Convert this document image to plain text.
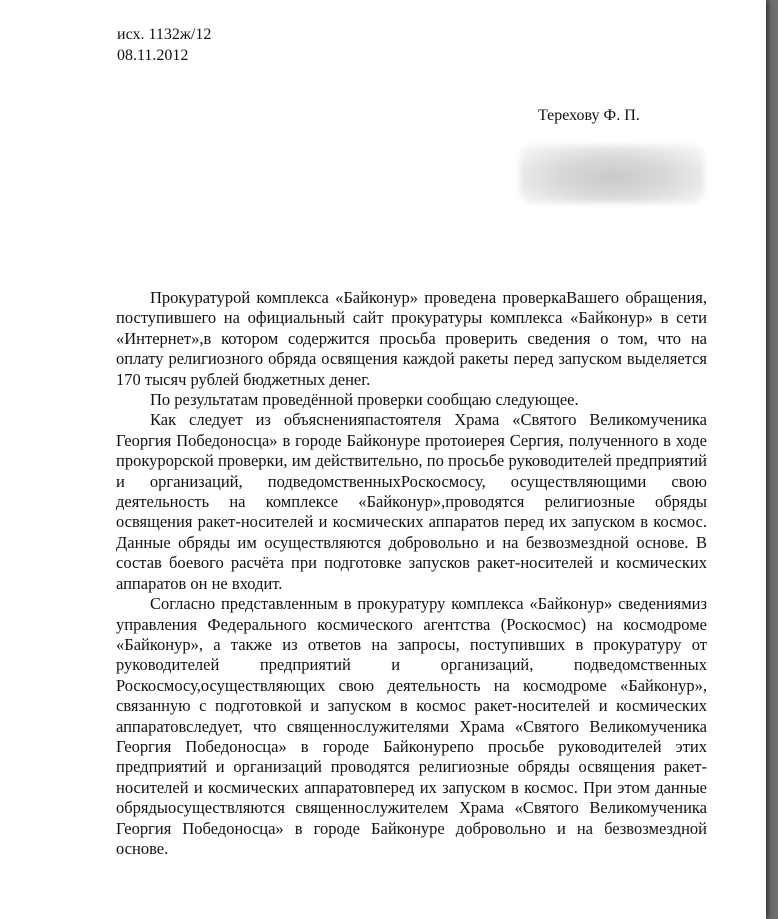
исх. 1132ж/12
08.11.2012
Терехову Ф. П.

Прокуратурой комплекса «Байконур» проведена проверкаВашего обращения, поступившего на официальный сайт прокуратуры комплекса «Байконур» в сети «Интернет»,в котором содержится просьба проверить сведения о том, что на оплату религиозного обряда освящения каждой ракеты перед запуском выделяется 170 тысяч рублей бюджетных денег.

По результатам проведённой проверки сообщаю следующее.

Как следует из объясненияпастоятеля Храма «Святого Великомученика Георгия Победоносца» в городе Байконуре протоиерея Сергия, полученного в ходе прокурорской проверки, им действительно, по просьбе руководителей предприятий и организаций, подведомственныхРоскосмосу, осуществляющими свою деятельность на комплексе «Байконур»,проводятся религиозные обряды освящения ракет-носителей и космических аппаратов перед их запуском в космос. Данные обряды им осуществляются добровольно и на безвозмездной основе. В состав боевого расчёта при подготовке запусков ракет-носителей и космических аппаратов он не входит.

Согласно представленным в прокуратуру комплекса «Байконур» сведениямиз управления Федерального космического агентства (Роскосмос) на космодроме «Байконур», а также из ответов на запросы, поступивших в прокуратуру от руководителей предприятий и организаций, подведомственных Роскосмосу,осуществляющих свою деятельность на космодроме «Байконур», связанную с подготовкой и запуском в космос ракет-носителей и космических аппаратовследует, что священнослужителями Храма «Святого Великомученика Георгия Победоносца» в городе Байконурепо просьбе руководителей этих предприятий и организаций проводятся религиозные обряды освящения ракет-носителей и космических аппаратовперед их запуском в космос. При этом данные обрядыосуществляются священнослужителем Храма «Святого Великомученика Георгия Победоносца» в городе Байконуре добровольно и на безвозмездной основе.
